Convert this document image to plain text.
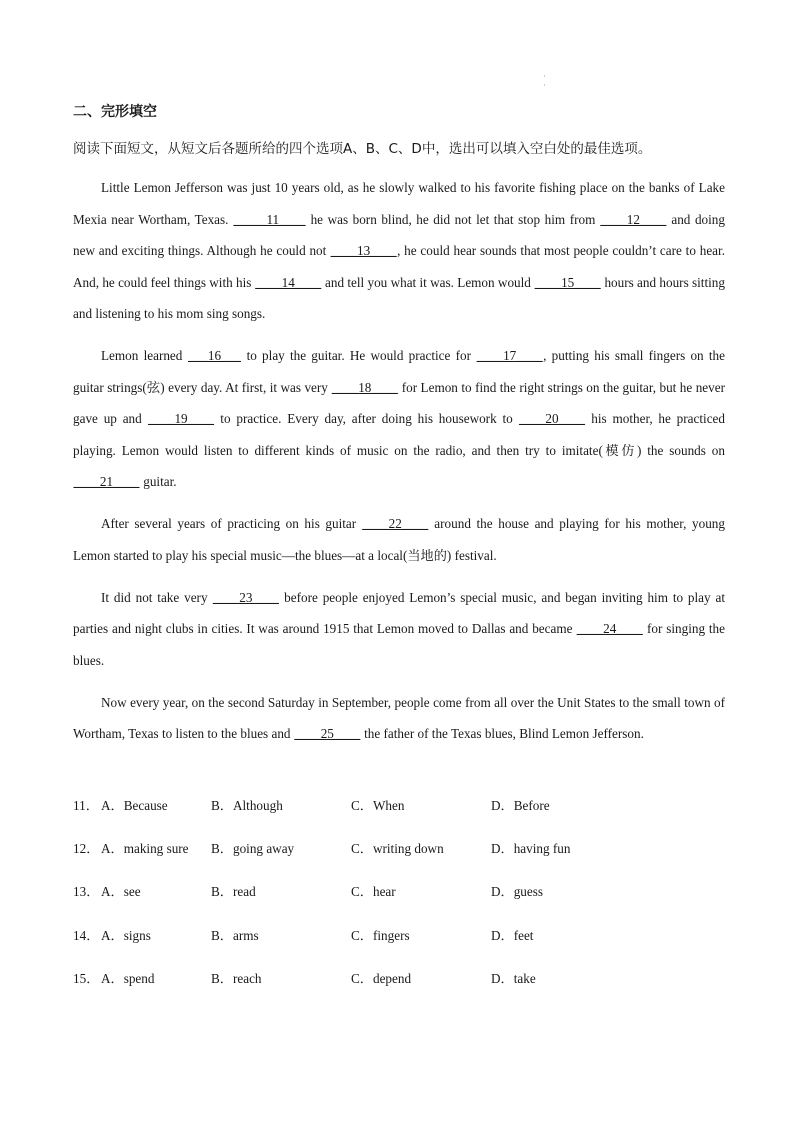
·
·
二、完形填空
阅读下面短文，从短文后各题所给的四个选项A、B、C、D中，选出可以填入空白处的最佳选项。

Little Lemon Jefferson was just 10 years old, as he slowly walked to his favorite fishing place on the banks of Lake Mexia near Wortham, Texas. _____11____ he was born blind, he did not let that stop him from ____12____ and doing new and exciting things. Although he could not ____13____, he could hear sounds that most people couldn’t care to hear. And, he could feel things with his ____14____ and tell you what it was. Lemon would ____15____ hours and hours sitting and listening to his mom sing songs.

Lemon learned ___16___ to play the guitar. He would practice for ____17____, putting his small fingers on the guitar strings(弦) every day. At first, it was very ____18____ for Lemon to find the right strings on the guitar, but he never gave up and ____19____ to practice. Every day, after doing his housework to ____20____ his mother, he practiced playing. Lemon would listen to different kinds of music on the radio, and then try to imitate(模仿) the sounds on ____21____ guitar.

After several years of practicing on his guitar ____22____ around the house and playing for his mother, young Lemon started to play his special music—the blues—at a local(当地的) festival.

It did not take very ____23____ before people enjoyed Lemon’s special music, and began inviting him to play at parties and night clubs in cities. It was around 1915 that Lemon moved to Dallas and became ____24____ for singing the blues.

Now every year, on the second Saturday in September, people come from all over the Unit States to the small town of Wortham, Texas to listen to the blues and ____25____ the father of the Texas blues, Blind Lemon Jefferson.

11． A．Because	B．Although	C．When	D．Before
12． A．making sure B．going away	C．writing down	D．having fun
13． A．see	B．read	C．hear	D．guess
14． A．signs	B．arms	C．fingers	D．feet
15． A．spend	B．reach	C．depend	D．take
